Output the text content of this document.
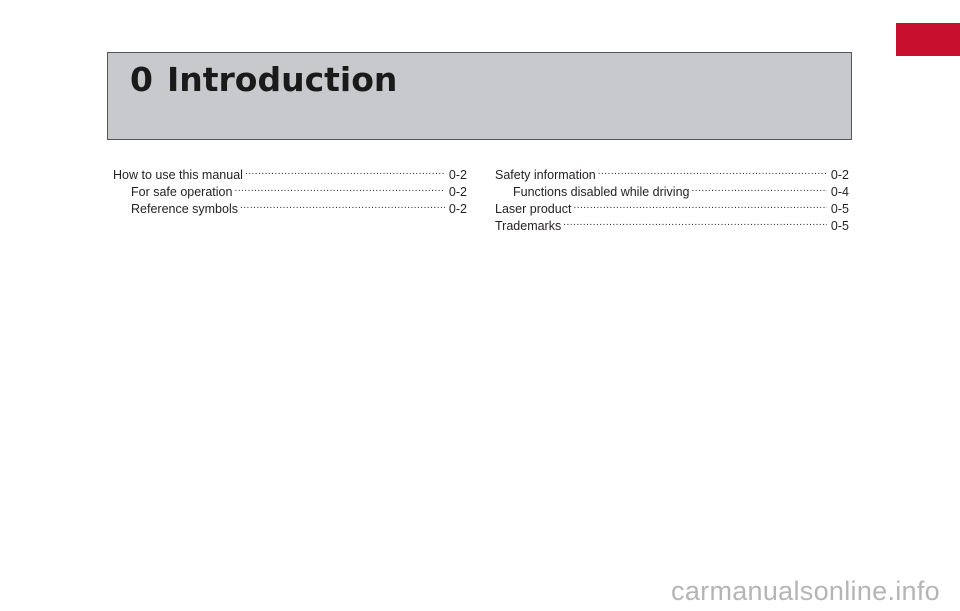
0 Introduction
How to use this manual .....	0-2
For safe operation .....	0-2
Reference symbols .....	0-2
Safety information .....	0-2
Functions disabled while driving .....	0-4
Laser product .....	0-5
Trademarks .....	0-5
carmanualsonline.info
